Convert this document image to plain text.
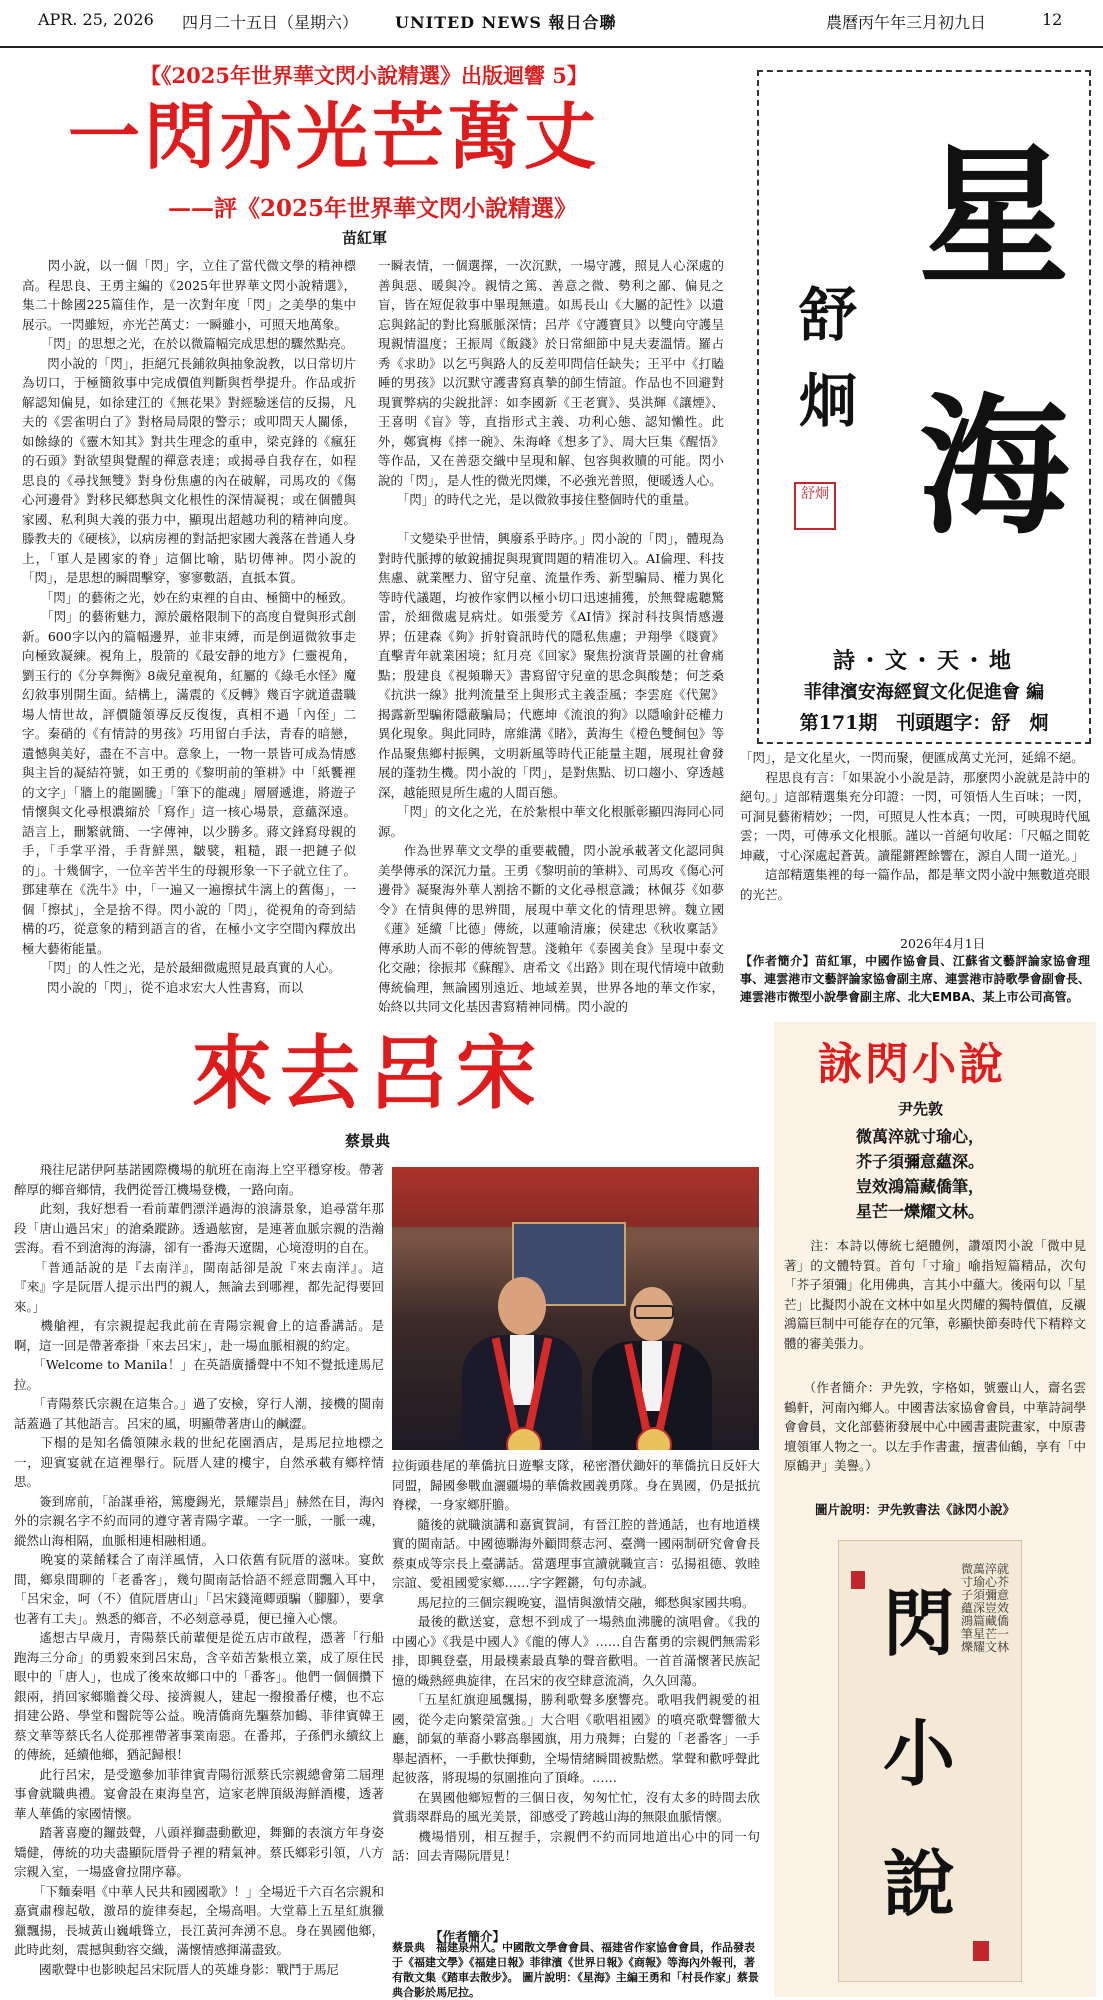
APR. 25, 2026 四月二十五日（星期六） UNITED NEWS 報日合聯	農曆丙午年三月初九日	12
【《2025年世界華文閃小說精選》出版迴響 5】
一閃亦光芒萬丈
——評《2025年世界華文閃小說精選》
苗紅軍
　　閃小說，以一個「閃」字，立住了當代微文學的精神標高。程思良、王勇主編的《2025年世界華文閃小說精選》，集二十餘國225篇佳作，是一次對年度「閃」之美學的集中展示。一閃雖短，亦光芒萬丈：一瞬雖小，可照天地萬象。
　　「閃」的思想之光，在於以微篇幅完成思想的驟然點亮。
　　閃小說的「閃」，拒絕冗長鋪敘與抽象說教，以日常切片為切口，于極簡敘事中完成價值判斷與哲學提升。作品或折解認知偏見，如徐建江的《無花果》對經驗迷信的反揚，凡夫的《雲雀明白了》對格局局限的警示；或叩問天人關係，如餘綠的《靈木知其》對共生理念的重申，梁克鋒的《瘋狂的石頭》對欲望與覺醒的禪意表達；或揭尋自我存在，如程思良的《尋找無雙》對身份焦慮的內在破解，司馬攻的《傷心河邊骨》對移民鄉愁與文化根性的深情凝視；或在個體與家國、私利與大義的張力中，顯現出超越功利的精神向度。滕教夫的《硬核》，以病房裡的對話把家國大義落在普通人身上，「軍人是國家的脊」這個比喻，貼切傳神。閃小說的「閃」，是思想的瞬間擊穿，寥寥數語，直抵本質。
　　「閃」的藝術之光，妙在約束裡的自由、極簡中的極致。
　　「閃」的藝術魅力，源於嚴格限制下的高度自覺與形式創新。600字以內的篇幅邊界，並非束縛，而是倒逼微敘事走向極致凝練。視角上，殷箭的《最安靜的地方》仁靈視角，劉玉行的《分享舞衡》8歲兒童視角，紅屬的《綠毛水怪》魔幻敘事別開生面。結構上，滿震的《反轉》幾百字就道盡職場人情世故，評價隨領導反反復復，真相不過「內侄」二字。秦硝的《有情詩的男孩》巧用留白手法，青春的暗戀，遺憾與美好，盡在不言中。意象上，一物一景皆可成為情感與主旨的凝結符號，如王勇的《黎明前的筆耕》中「紙饗裡的文字」「牆上的龍圖騰」「筆下的龍魂」層層遞進，將遊子情懷與文化尋根濃縮於「寫作」這一核心場景，意蘊深遠。語言上，刪繁就簡、一字傳神，以少勝多。蔣文鋒寫母親的手，「手掌平滑，手背鮮黑，皺襞，粗糙，跟一把鏈子似的」。十幾個字，一位辛苦半生的母親形象一下子就立住了。鄧建華在《洗牛》中，「一遍又一遍擦拭牛漓上的舊傷」，一個「擦拭」，全是捨不得。閃小說的「閃」，從視角的奇到結構的巧，從意象的精到語言的省，在極小文字空間內釋放出極大藝術能量。
　　「閃」的人性之光，是於最細微處照見最真實的人心。
　　閃小說的「閃」，從不追求宏大人性書寫，而以
一瞬表情，一個選擇，一次沉默，一場守護，照見人心深處的善與惡、暖與冷。親情之篤、善意之微、勢利之鄙、偏見之盲，皆在短促敘事中畢現無遺。如馬長山《大屬的記性》以遺忘與銘記的對比寫脈脈深情；呂芹《守護寶貝》以雙向守護呈現親情溫度；王振周《飯錢》於日常細節中見夫妻溫情。羅占秀《求助》以乞丐與路人的反差叩問信任缺失；王平中《打瞌睡的男孩》以沉默守護書寫真摯的師生情誼。作品也不回避對現實弊病的尖銳批評：如李國新《王老實》、吳洪輝《讓煙》、王喜明《盲》等，直指形式主義、功利心態、認知懶性。此外，鄭賓梅《摔一碗》、朱海峰《想多了》、周大巨集《醒悟》等作品，又在善惡交織中呈現和解、包容與救贖的可能。閃小說的「閃」，是人性的微光閃爍，不必強光普照，便暖透人心。
　　「閃」的時代之光，是以微敘事接住整個時代的重量。

　　「文變染乎世情，興廢系乎時序。」閃小說的「閃」，體現為對時代脈搏的敏銳捕捉與現實問題的精准切入。AI倫理、科技焦慮、就業壓力、留守兒童、流量作秀、新型騙局、權力異化等時代議題，均被作家們以極小切口迅速捕獲，於無聲處聽驚雷，於細微處見病灶。如張愛芳《AI情》探討科技與情感邊界；伍建森《夠》折射資訊時代的隱私焦慮；尹翔學《賤賣》直擊青年就業困境；紅月亮《回家》聚焦扮演背景圖的社會痛點；殷建良《視頻聯天》書寫留守兒童的思念與酸楚；何芝桑《抗洪一線》批判流量至上與形式主義歪風；李雲庭《代駕》揭露新型騙術隱蔽騙局；代應坤《流浪的狗》以隱喻針砭權力異化現象。與此同時，席維溝《睹》，黃海生《橙色雙飼包》等作品聚焦鄉村振興，文明新風等時代正能量主題，展現社會發展的蓬勃生機。閃小說的「閃」，是對焦點、切口趨小、穿透越深，越能照見所生處的人間百態。
　　「閃」的文化之光，在於紮根中華文化根脈彰顯四海同心同源。
　　作為世界華文文學的重要載體，閃小說承載著文化認同與美學傳承的深沉力量。王勇《黎明前的筆耕》、司馬攻《傷心河邊骨》凝聚海外華人割捨不斷的文化尋根意識；林佩芬《如夢令》在情與傳的思辨間，展現中華文化的情理思辨。魏立國《蓮》延續「比德」傳統，以蓮喻清廉；侯建忠《秋收稟話》傳承助人而不彰的傳統智慧。淺賴年《泰國美食》呈現中泰文化交融；徐振邦《蘇醒》、唐希文《出路》則在現代情境中啟動傳統倫理，無論國別遠近、地域差異，世界各地的華文作家，始終以共同文化基因書寫精神同構。閃小說的
「閃」，是文化星火，一閃而聚，便匯成萬丈光河，延綿不絕。
　　程思良有言：「如果說小小說是詩，那麼閃小說就是詩中的絕句。」這部精選集充分印證：一閃，可領悟人生百味；一閃，可洞見藝術精妙；一閃，可照見人性本真；一閃，可映現時代風雲；一閃，可傳承文化根脈。謹以一首絕句收尾：「尺幅之間乾坤藏，寸心深處起蒼黃。讀罷鏘鏗餘響在，源自人間一道光。」
　　這部精選集裡的每一篇作品，都是華文閃小說中無數道亮眼的光芒。
2026年4月1日
【作者簡介】苗紅軍，中國作協會員、江蘇省文藝評論家協會理事、連雲港市文藝評論家協會副主席、連雲港市詩歌學會副會長、連雲港市微型小說學會副主席、北大EMBA、某上市公司高管。
星海
舒炯
舒炯
詩・文・天・地
菲律濱安海經貿文化促進會 編
第171期　刊頭題字：舒　炯
來去呂宋
蔡景典
　　飛往尼諾伊阿基諾國際機場的航班在南海上空平穩穿梭。帶著醉厚的鄉音鄉情，我們從晉江機場登機，一路向南。
　　此刻，我好想看一看前輩們漂洋過海的浪濤景象，追尋當年那段「唐山過呂宋」的滄桑蹤跡。透過舷窗，是連著血脈宗親的浩瀚雲海。看不到滄海的海濤，卻有一番海天遼闊，心境澄明的自在。
　　「普通話說的是『去南洋』，閩南話卻是說『來去南洋』。這『來』字是阮厝人提示出門的親人，無論去到哪裡，都先記得要回來。」
　　機艙裡，有宗親提起我此前在青陽宗親會上的這番講話。是啊，這一回是帶著牽掛「來去呂宋」，赴一場血脈相親的約定。
　　「Welcome to Manila！」在英語廣播聲中不知不覺抵達馬尼拉。
　　「青陽蔡氏宗親在這集合。」過了安檢，穿行人潮，接機的閩南話蓋過了其他語言。呂宋的風，明顯帶著唐山的鹹澀。
　　下榻的是知名僑領陳永栽的世紀花園酒店，是馬尼拉地標之一，迎賓宴就在這裡舉行。阮厝人建的樓宇，自然承載有鄉梓情思。
　　簽到席前，「詒謀垂裕，篤慶錫光，景耀崇昌」赫然在目，海內外的宗親名字不約而同的遵守著青陽字輩。一字一脈，一脈一魂，縱然山海相隔，血脈相連相融相通。
　　晚宴的菜餚糅合了南洋風情，入口依舊有阮厝的滋味。宴飲間，鄉泉間聊的「老番客」，幾句閩南話恰語不經意間飄入耳中，「呂宋金，呵（不）值阮厝唐山」「呂宋錢滝卿頭騙（腳腳），要拿也著有工夫」。熟悉的鄉音，不必刻意尋覓，便已撞入心懷。
　　遙想古早歲月，青陽蔡氏前輩便是從五店市啟程，憑著「行船跑海三分命」的勇毅來到呂宋島，含辛茹苦紮根立業，成了原住民眼中的「唐人」，也成了後來故鄉口中的「番客」。他們一個個攢下銀兩，捎回家鄉贍養父母、接濟親人，建起一撥撥番仔樓，也不忘捐建公路、學堂和醫院等公益。晚清僑商先驅蔡加鶴、菲律賓韓王蔡文華等蔡氏名人從那裡帶著事業南惡。在番邦，子孫們永續紋上的傳統，延續他鄉，猶記歸根！
　　此行呂宋，是受邀參加菲律賓青陽衍派蔡氏宗親總會第二屆理事會就職典禮。宴會設在東海皇宮，這家老牌頂級海鮮酒樓，透著華人華僑的家國情懷。
　　踏著喜慶的鑼鼓聲，八頭祥獅盡動歡迎，舞獅的表演方年身姿矯健，傳統的功夫盡顯阮厝骨子裡的精氣神。蔡氏鄉彩引領，八方宗親入室，一場盛會拉開序幕。
　　「下麵秦唱《中華人民共和國國歌》！」全場近千六百名宗親和嘉賓肅穆起敬，激昂的旋律奏起，全場高唱。大堂幕上五星紅旗獵獵飄揚，長城黃山巍峨聳立，長江黃河奔湧不息。身在異國他鄉，此時此刻，震撼與動容交織，滿懷情感揮滿盡致。
　　國歌聲中也影映起呂宋阮厝人的英雄身影：戰鬥于馬尼
拉街頭巷尾的華僑抗日遊擊支隊，秘密潛伏鋤奸的華僑抗日反奸大同盟，歸國參戰血灑疆場的華僑救國義勇隊。身在異國，仍是抵抗脊樑，一身家鄉肝膽。
　　隨後的就職演講和嘉賓賀詞，有晉江腔的普通話，也有地道樸實的閩南話。中國德聯海外顧問蔡志河、臺灣一國兩制研究會會長蔡東成等宗長上臺講話。當選理事宣讀就職宣言：弘揚祖德、敦睦宗誼、愛祖國愛家鄉……字字鏗鏘，句句赤誠。
　　馬尼拉的三個宗親晚宴，溫情與激情交融，鄉愁與家國共鳴。
　　最後的歡送宴，意想不到成了一場熱血沸騰的演唱會。《我的中國心》《我是中國人》《龍的傳人》……自告奮勇的宗親們無需彩排，即興登臺，用最樸素最真摯的聲音歡唱。一首首滿懷著民族記憶的熾熱經典旋律，在呂宋的夜空肆意流淌，久久回蕩。
　　「五星紅旗迎風飄揚，勝利歌聲多麼響亮。歌唱我們親愛的祖國，從今走向繁榮富強。」大合唱《歌唱祖國》的噴亮歌聲響徹大廳，師氣的華裔小夥高舉國旗，用力飛舞；白髮的「老番客」一手舉起酒杯，一手歡快揮動，全場情緒瞬間被點燃。掌聲和歡呼聲此起彼落，將現場的氛圍推向了頂峰。……
　　在異國他鄉短暫的三個日夜，匆匆忙忙，沒有太多的時間去欣賞翡翠群島的風光美景，卻感受了跨越山海的無限血脈情懷。
　　機場惜別，相互握手，宗親們不約而同地道出心中的同一句話：回去青陽阮厝見！
【作者簡介】
蔡景典　福建泉州人。中國散文學會會員、福建省作家協會會員，作品發表于《福建文學》《福建日報》菲律濱《世界日報》《商報》等海內外報刊，著有散文集《踏車去散步》。 圖片說明：《星海》主編王勇和「村長作家」蔡景典合影於馬尼拉。
詠閃小說
尹先敦
微萬淬就寸瑜心，
芥子須彌意蘊深。
豈效鴻篇藏僑筆，
星芒一爍耀文林。
　　注：本詩以傳統七絕體例，讚頌閃小說「微中見著」的文體特質。首句「寸瑜」喻指短篇精品，次句「芥子須彌」化用佛典，言其小中蘊大。後兩句以「星芒」比擬閃小說在文林中如星火閃耀的獨特價值，反襯鴻篇巨制中可能存在的冗筆，彰顯快節奏時代下精粹文體的審美張力。
　　（作者簡介：尹先敦，字格如，號靈山人，齋名雲鶴軒，河南內鄉人。中國書法家協會會員，中華詩詞學會會員，文化部藝術發展中心中國書畫院畫家，中原書壇領軍人物之一。以左手作書畫，擅書仙鶴，享有「中原鶴尹」美譽。）
圖片說明：尹先敦書法《詠閃小說》
閃小說
微萬淬就寸瑜心芥子須彌意蘊深豈效鴻篇藏僑筆星芒一爍耀文林
